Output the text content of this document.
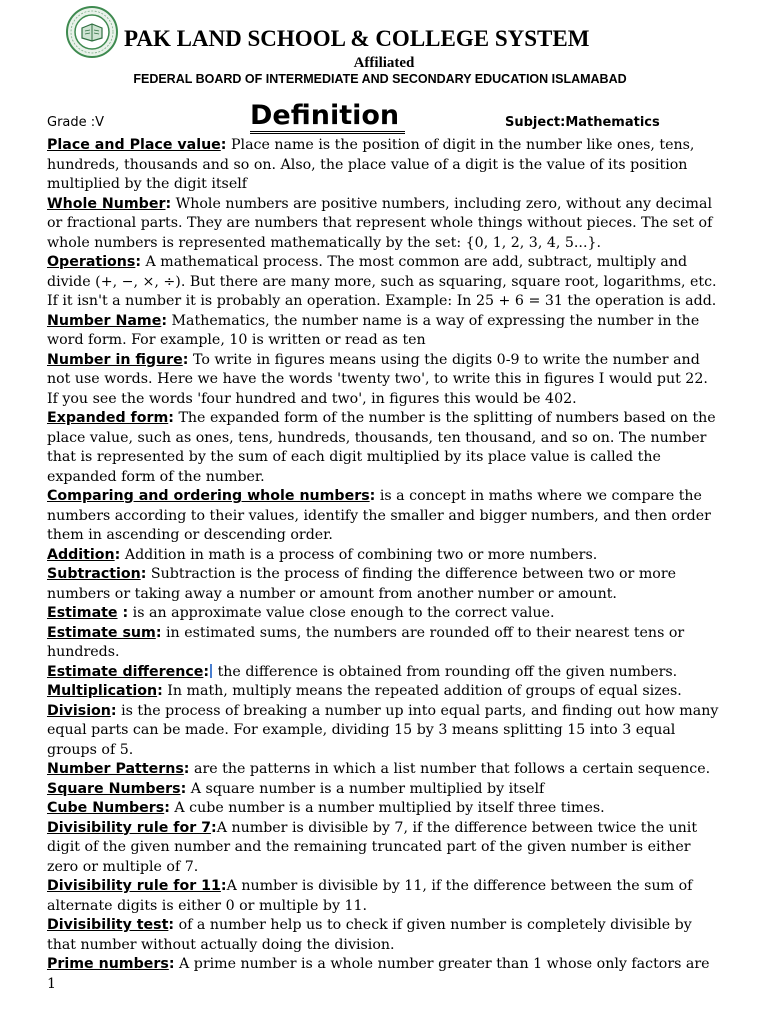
PAK LAND SCHOOL & COLLEGE SYSTEM
Affiliated
FEDERAL BOARD OF INTERMEDIATE AND SECONDARY EDUCATION ISLAMABAD
Grade :V	Definition	Subject:Mathematics

Place and Place value: Place name is the position of digit in the number like ones, tens, hundreds, thousands and so on. Also, the place value of a digit is the value of its position multiplied by the digit itself

Whole Number: Whole numbers are positive numbers, including zero, without any decimal or fractional parts. They are numbers that represent whole things without pieces. The set of whole numbers is represented mathematically by the set: {0, 1, 2, 3, 4, 5...}.

Operations: A mathematical process. The most common are add, subtract, multiply and divide (+, −, ×, ÷). But there are many more, such as squaring, square root, logarithms, etc. If it isn't a number it is probably an operation. Example: In 25 + 6 = 31 the operation is add.

Number Name: Mathematics, the number name is a way of expressing the number in the word form. For example, 10 is written or read as ten

Number in figure: To write in figures means using the digits 0-9 to write the number and not use words. Here we have the words 'twenty two', to write this in figures I would put 22. If you see the words 'four hundred and two', in figures this would be 402.

Expanded form: The expanded form of the number is the splitting of numbers based on the place value, such as ones, tens, hundreds, thousands, ten thousand, and so on. The number that is represented by the sum of each digit multiplied by its place value is called the expanded form of the number.

Comparing and ordering whole numbers: is a concept in maths where we compare the numbers according to their values, identify the smaller and bigger numbers, and then order them in ascending or descending order.

Addition: Addition in math is a process of combining two or more numbers.

Subtraction: Subtraction is the process of finding the difference between two or more numbers or taking away a number or amount from another number or amount.

Estimate : is an approximate value close enough to the correct value.

Estimate sum: in estimated sums, the numbers are rounded off to their nearest tens or hundreds.

Estimate difference: the difference is obtained from rounding off the given numbers.

Multiplication: In math, multiply means the repeated addition of groups of equal sizes.

Division: is the process of breaking a number up into equal parts, and finding out how many equal parts can be made. For example, dividing 15 by 3 means splitting 15 into 3 equal groups of 5.

Number Patterns: are the patterns in which a list number that follows a certain sequence.

Square Numbers: A square number is a number multiplied by itself

Cube Numbers: A cube number is a number multiplied by itself three times.

Divisibility rule for 7:A number is divisible by 7, if the difference between twice the unit digit of the given number and the remaining truncated part of the given number is either zero or multiple of 7.

Divisibility rule for 11:A number is divisible by 11, if the difference between the sum of alternate digits is either 0 or multiple by 11.

Divisibility test: of a number help us to check if given number is completely divisible by that number without actually doing the division.

Prime numbers: A prime number is a whole number greater than 1 whose only factors are 1
